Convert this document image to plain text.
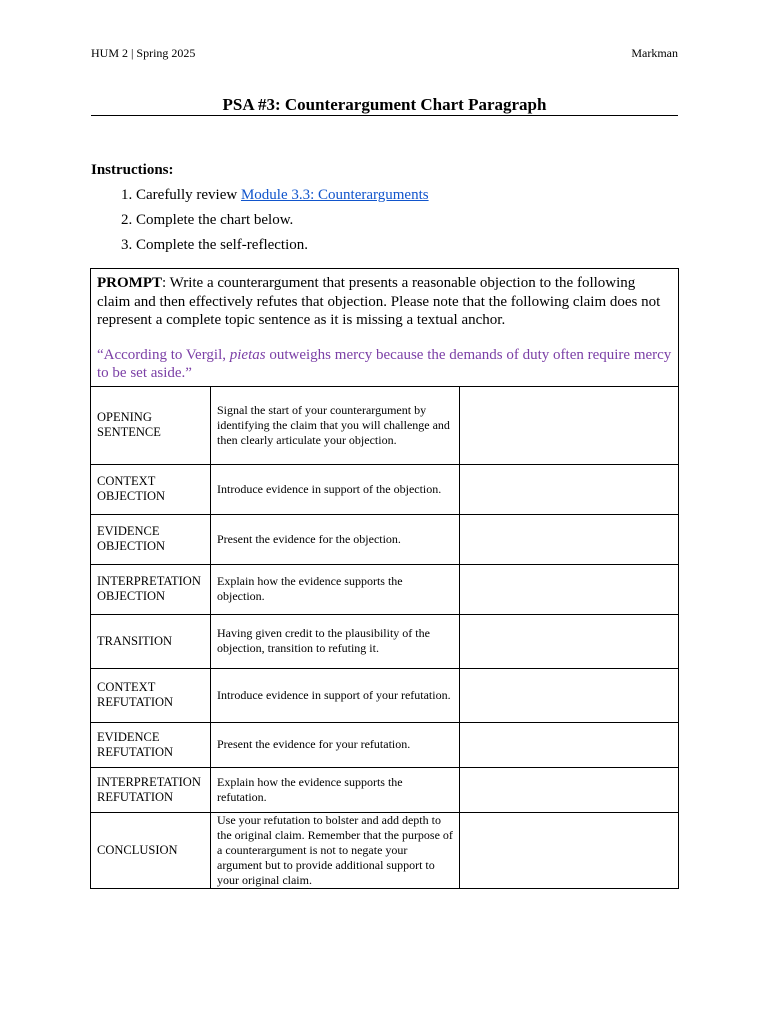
HUM 2 | Spring 2025	Markman
PSA #3: Counterargument Chart Paragraph
Instructions:
1. Carefully review Module 3.3: Counterarguments
2. Complete the chart below.
3. Complete the self-reflection.
PROMPT: Write a counterargument that presents a reasonable objection to the following claim and then effectively refutes that objection. Please note that the following claim does not represent a complete topic sentence as it is missing a textual anchor.
“According to Vergil, pietas outweighs mercy because the demands of duty often require mercy to be set aside.”		

OPENING SENTENCE	Signal the start of your counterargument by identifying the claim that you will challenge and then clearly articulate your objection.	
CONTEXT OBJECTION	Introduce evidence in support of the objection.	
EVIDENCE OBJECTION	Present the evidence for the objection.	
INTERPRETATION OBJECTION	Explain how the evidence supports the objection.	
TRANSITION	Having given credit to the plausibility of the objection, transition to refuting it.	
CONTEXT REFUTATION	Introduce evidence in support of your refutation.	
EVIDENCE REFUTATION	Present the evidence for your refutation.	
INTERPRETATION REFUTATION	Explain how the evidence supports the refutation.	
CONCLUSION	Use your refutation to bolster and add depth to the original claim. Remember that the purpose of a counterargument is not to negate your argument but to provide additional support to your original claim.	
